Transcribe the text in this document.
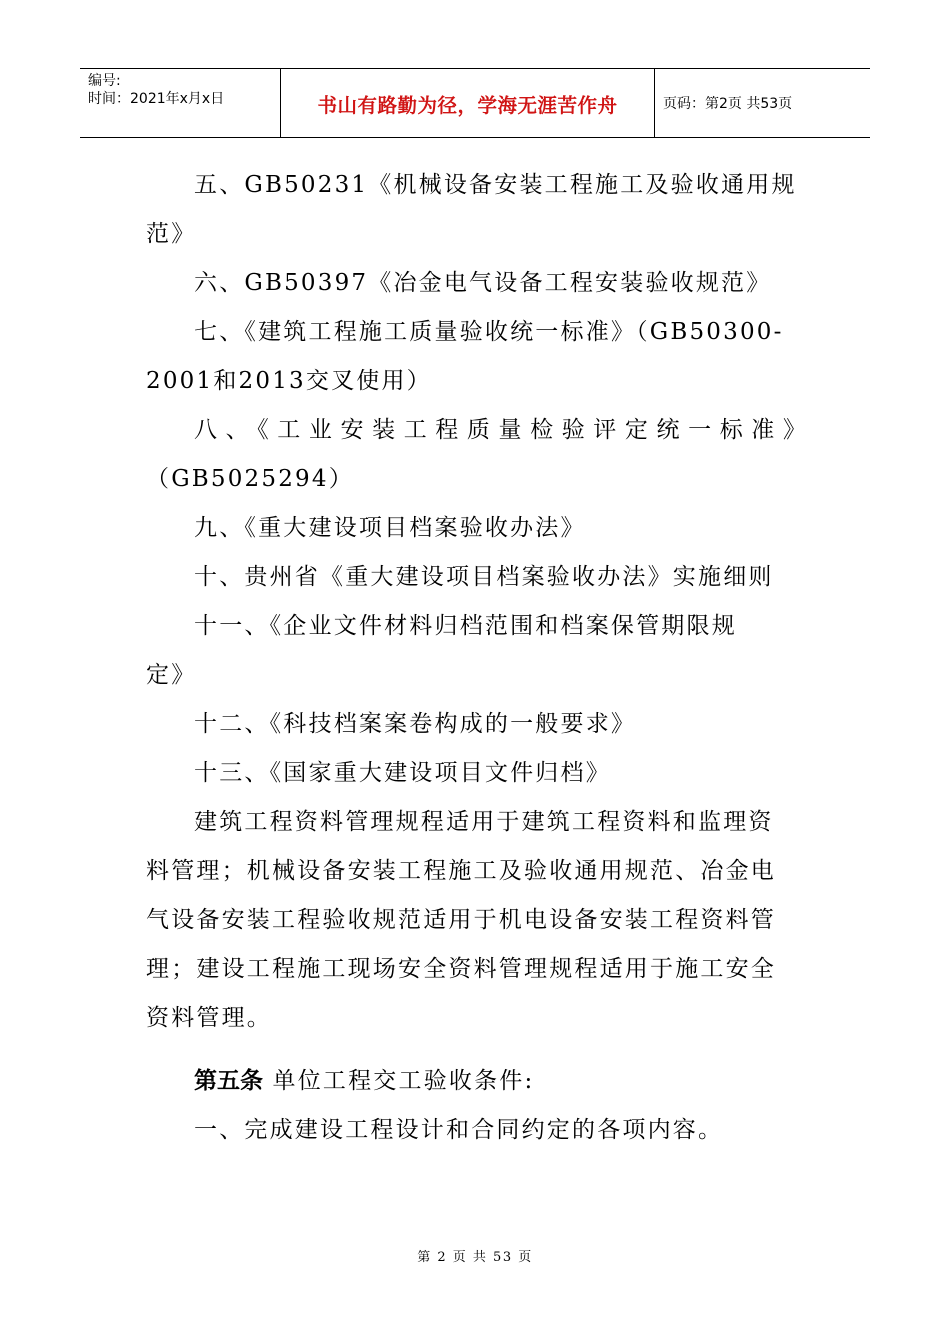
编号:
时间：2021年x月x日	书山有路勤为径，学海无涯苦作舟	页码：第2页 共53页

五、GB50231《机械设备安装工程施工及验收通用规

范》

六、GB50397《冶金电气设备工程安装验收规范》

七、《建筑工程施工质量验收统一标准》（GB50300-

2001和2013交叉使用）

八、《工业安装工程质量检验评定统一标准》

（GB5025294）

九、《重大建设项目档案验收办法》

十、贵州省《重大建设项目档案验收办法》实施细则

十一、《企业文件材料归档范围和档案保管期限规

定》

十二、《科技档案案卷构成的一般要求》

十三、《国家重大建设项目文件归档》

建筑工程资料管理规程适用于建筑工程资料和监理资

料管理；机械设备安装工程施工及验收通用规范、冶金电

气设备安装工程验收规范适用于机电设备安装工程资料管

理；建设工程施工现场安全资料管理规程适用于施工安全

资料管理。

第五条 单位工程交工验收条件:

一、完成建设工程设计和合同约定的各项内容。

第 2 页 共 53 页
